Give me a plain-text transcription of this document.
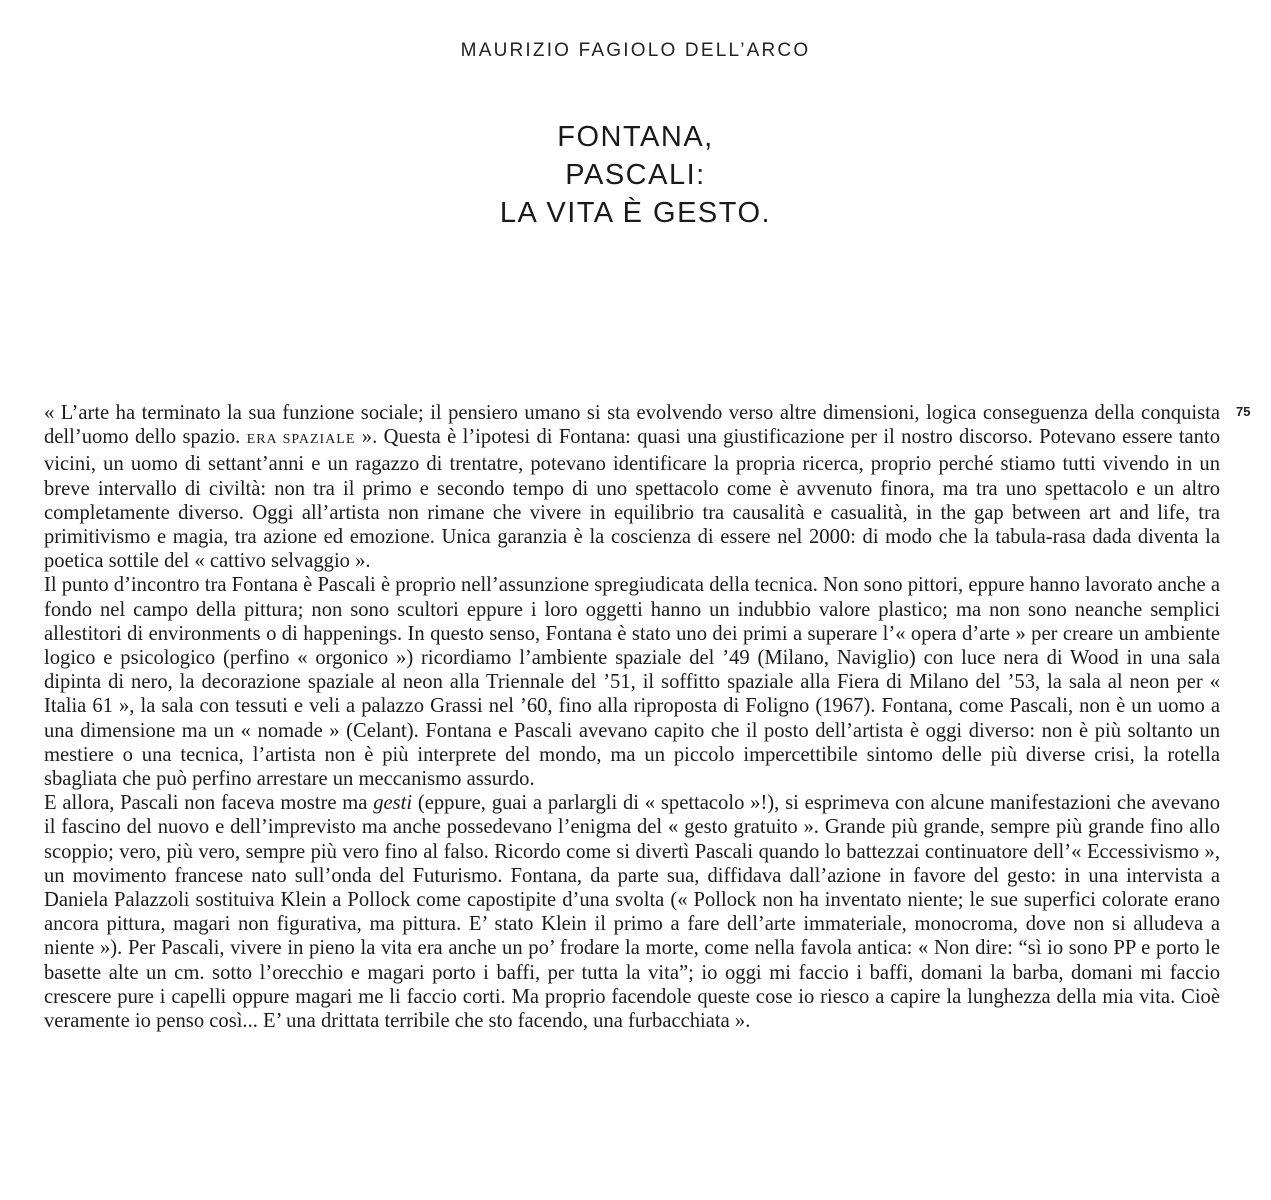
MAURIZIO FAGIOLO DELL’ARCO
FONTANA,
PASCALI:
LA VITA È GESTO.
75

« L’arte ha terminato la sua funzione sociale; il pensiero umano si sta evolvendo verso altre dimensioni, logica conseguenza della conquista dell’uomo dello spazio. ERA SPAZIALE ». Questa è l’ipotesi di Fontana: quasi una giustificazione per il nostro discorso. Potevano essere tanto vicini, un uomo di settant’anni e un ragazzo di trentatre, potevano identificare la propria ricerca, proprio perché stiamo tutti vivendo in un breve intervallo di civiltà: non tra il primo e secondo tempo di uno spettacolo come è avvenuto finora, ma tra uno spettacolo e un altro completamente diverso. Oggi all’artista non rimane che vivere in equilibrio tra causalità e casualità, in the gap between art and life, tra primitivismo e magia, tra azione ed emozione. Unica garanzia è la coscienza di essere nel 2000: di modo che la tabula-rasa dada diventa la poetica sottile del « cattivo selvaggio ».

Il punto d’incontro tra Fontana è Pascali è proprio nell’assunzione spregiudicata della tecnica. Non sono pittori, eppure hanno lavorato anche a fondo nel campo della pittura; non sono scultori eppure i loro oggetti hanno un indubbio valore plastico; ma non sono neanche semplici allestitori di environments o di happenings. In questo senso, Fontana è stato uno dei primi a superare l’« opera d’arte » per creare un ambiente logico e psicologico (perfino « orgonico ») ricordiamo l’ambiente spaziale del ’49 (Milano, Naviglio) con luce nera di Wood in una sala dipinta di nero, la decorazione spaziale al neon alla Triennale del ’51, il soffitto spaziale alla Fiera di Milano del ’53, la sala al neon per « Italia 61 », la sala con tessuti e veli a palazzo Grassi nel ’60, fino alla riproposta di Foligno (1967). Fontana, come Pascali, non è un uomo a una dimensione ma un « nomade » (Celant). Fontana e Pascali avevano capito che il posto dell’artista è oggi diverso: non è più soltanto un mestiere o una tecnica, l’artista non è più interprete del mondo, ma un piccolo impercettibile sintomo delle più diverse crisi, la rotella sbagliata che può perfino arrestare un meccanismo assurdo.

E allora, Pascali non faceva mostre ma gesti (eppure, guai a parlargli di « spettacolo »!), si esprimeva con alcune manifestazioni che avevano il fascino del nuovo e dell’imprevisto ma anche possedevano l’enigma del « gesto gratuito ». Grande più grande, sempre più grande fino allo scoppio; vero, più vero, sempre più vero fino al falso. Ricordo come si divertì Pascali quando lo battezzai continuatore dell’« Eccessivismo », un movimento francese nato sull’onda del Futurismo. Fontana, da parte sua, diffidava dall’azione in favore del gesto: in una intervista a Daniela Palazzoli sostituiva Klein a Pollock come capostipite d’una svolta (« Pollock non ha inventato niente; le sue superfici colorate erano ancora pittura, magari non figurativa, ma pittura. E’ stato Klein il primo a fare dell’arte immateriale, monocroma, dove non si alludeva a niente »). Per Pascali, vivere in pieno la vita era anche un po’ frodare la morte, come nella favola antica: « Non dire: “sì io sono PP e porto le basette alte un cm. sotto l’orecchio e magari porto i baffi, per tutta la vita”; io oggi mi faccio i baffi, domani la barba, domani mi faccio crescere pure i capelli oppure magari me li faccio corti. Ma proprio facendole queste cose io riesco a capire la lunghezza della mia vita. Cioè veramente io penso così... E’ una drittata terribile che sto facendo, una furbacchiata ».
